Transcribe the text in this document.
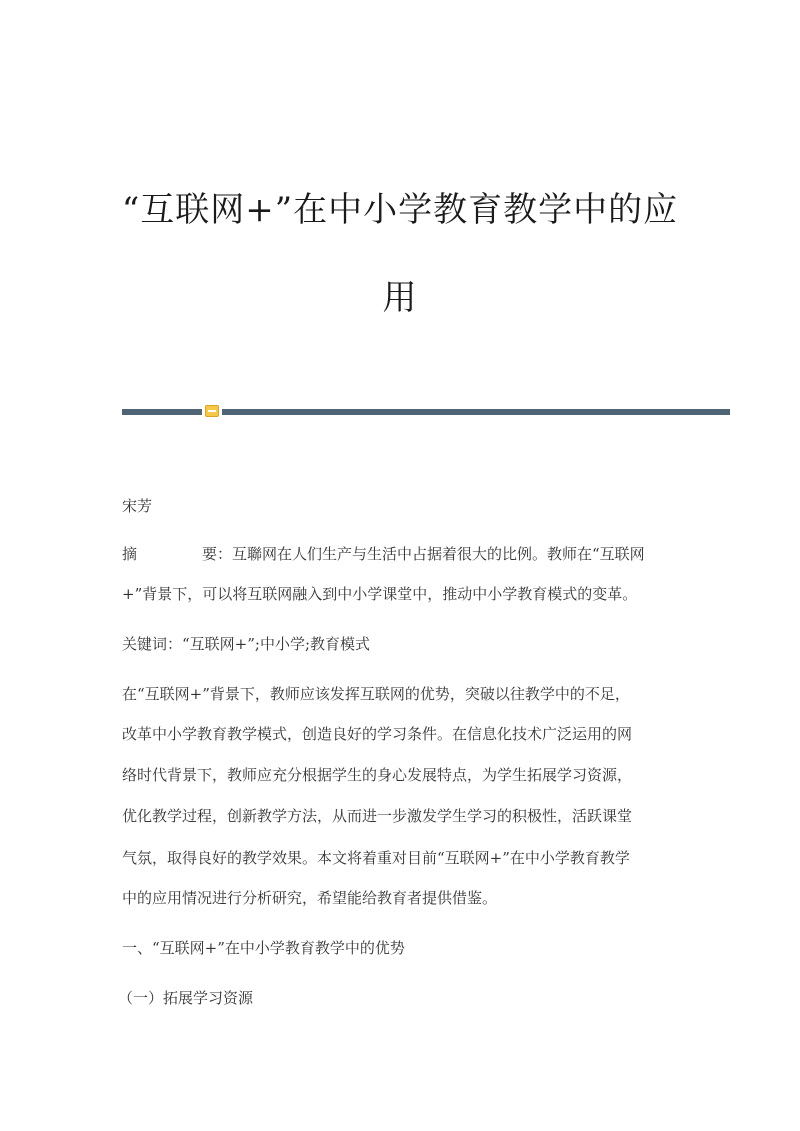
“互联网+”在中小学教育教学中的应
用
宋芳
摘	要：互聯网在人们生产与生活中占据着很大的比例。教师在“互联网
+”背景下，可以将互联网融入到中小学课堂中，推动中小学教育模式的变革。
关键词：“互联网+”;中小学;教育模式
在“互联网+”背景下，教师应该发挥互联网的优势，突破以往教学中的不足，
改革中小学教育教学模式，创造良好的学习条件。在信息化技术广泛运用的网
络时代背景下，教师应充分根据学生的身心发展特点，为学生拓展学习资源，
优化教学过程，创新教学方法，从而进一步激发学生学习的积极性，活跃课堂
气氛，取得良好的教学效果。本文将着重对目前“互联网+”在中小学教育教学
中的应用情况进行分析研究，希望能给教育者提供借鉴。
一、“互联网+”在中小学教育教学中的优势
（一）拓展学习资源
